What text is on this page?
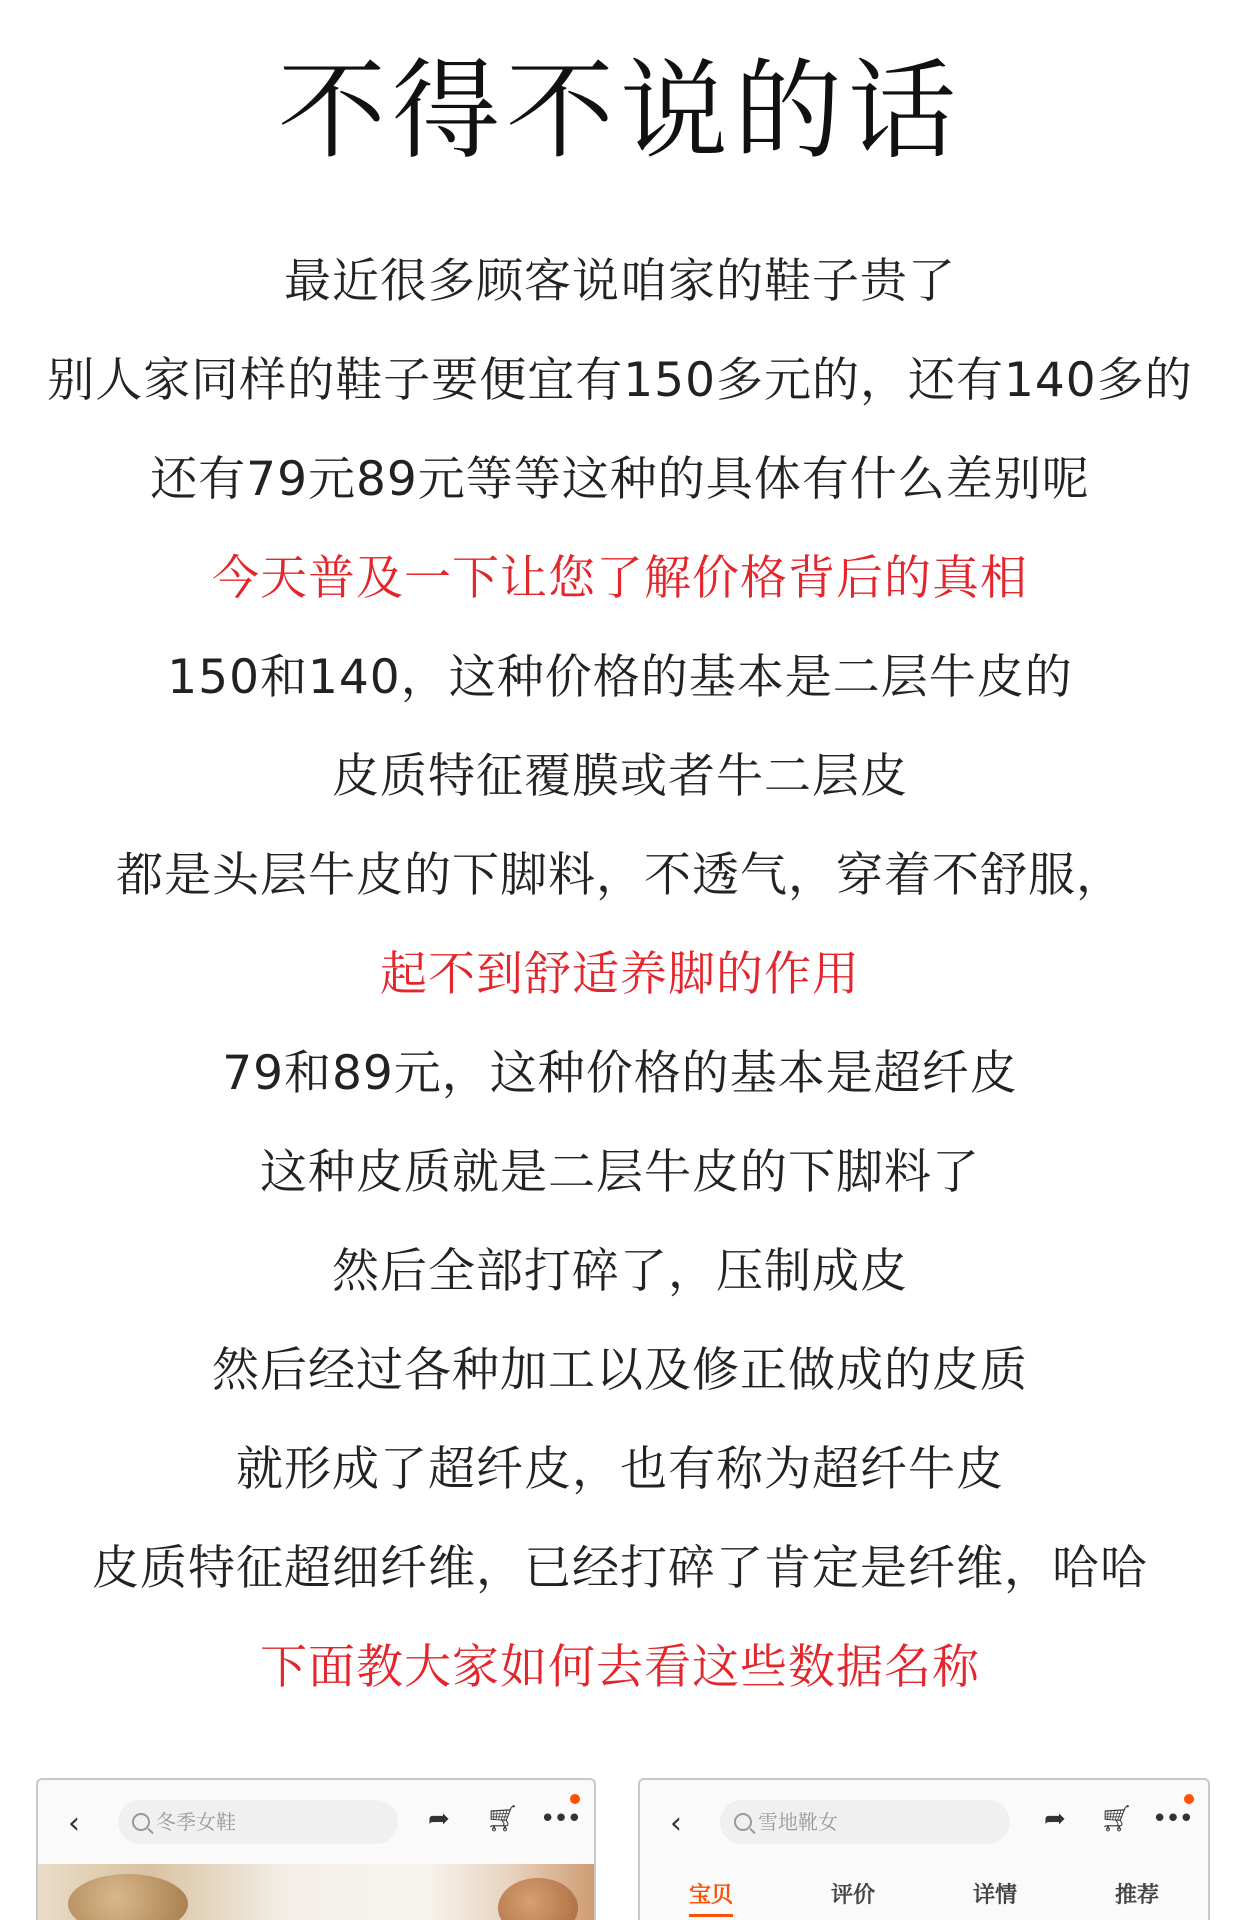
不得不说的话
最近很多顾客说咱家的鞋子贵了
别人家同样的鞋子要便宜有150多元的，还有140多的
还有79元89元等等这种的具体有什么差别呢
今天普及一下让您了解价格背后的真相
150和140，这种价格的基本是二层牛皮的
皮质特征覆膜或者牛二层皮
都是头层牛皮的下脚料，不透气，穿着不舒服，
起不到舒适养脚的作用
79和89元，这种价格的基本是超纤皮
这种皮质就是二层牛皮的下脚料了
然后全部打碎了，压制成皮
然后经过各种加工以及修正做成的皮质
就形成了超纤皮，也有称为超纤牛皮
皮质特征超细纤维，已经打碎了肯定是纤维，哈哈
下面教大家如何去看这些数据名称
‹	冬季女鞋	➦ 🛒︎ •••	‹	雪地靴女	➦ 🛒︎ •••
宝贝	评价	详情	推荐
